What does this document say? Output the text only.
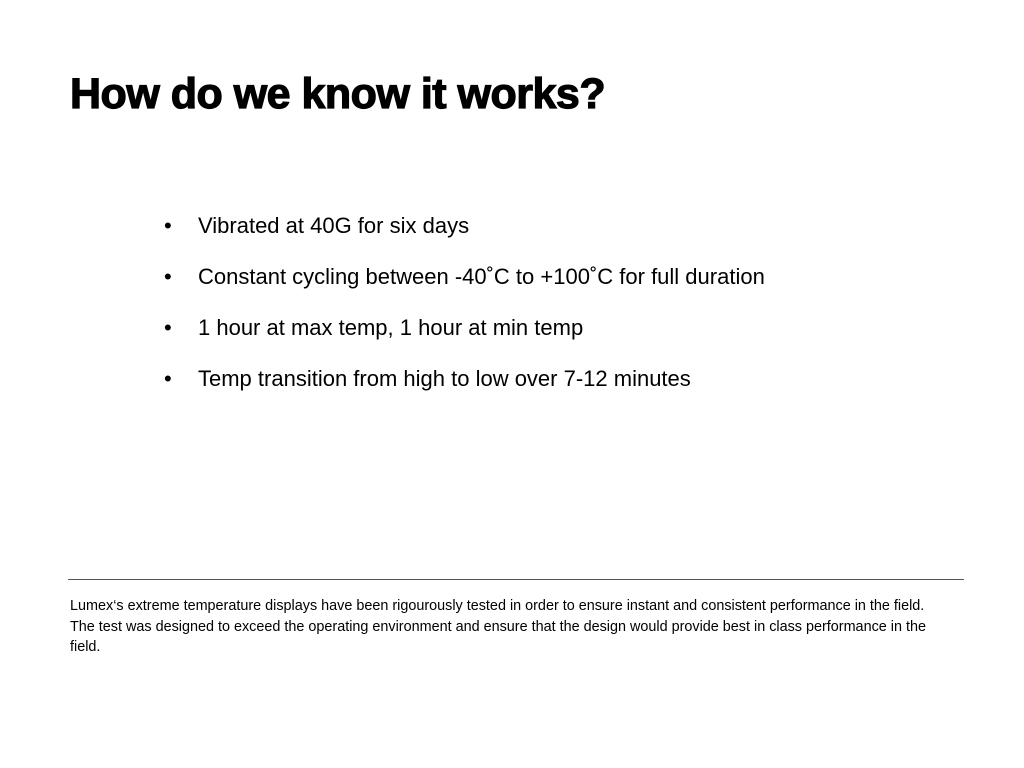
How do we know it works?
• Vibrated at 40G for six days
• Constant cycling between -40˚C to +100˚C for full duration
• 1 hour at max temp, 1 hour at min temp
• Temp transition from high to low over 7-12 minutes

Lumex‘s extreme temperature displays have been rigourously tested in order to ensure instant and consistent performance in the field. The test was designed to exceed the operating environment and ensure that the design would provide best in class performance in the field.
